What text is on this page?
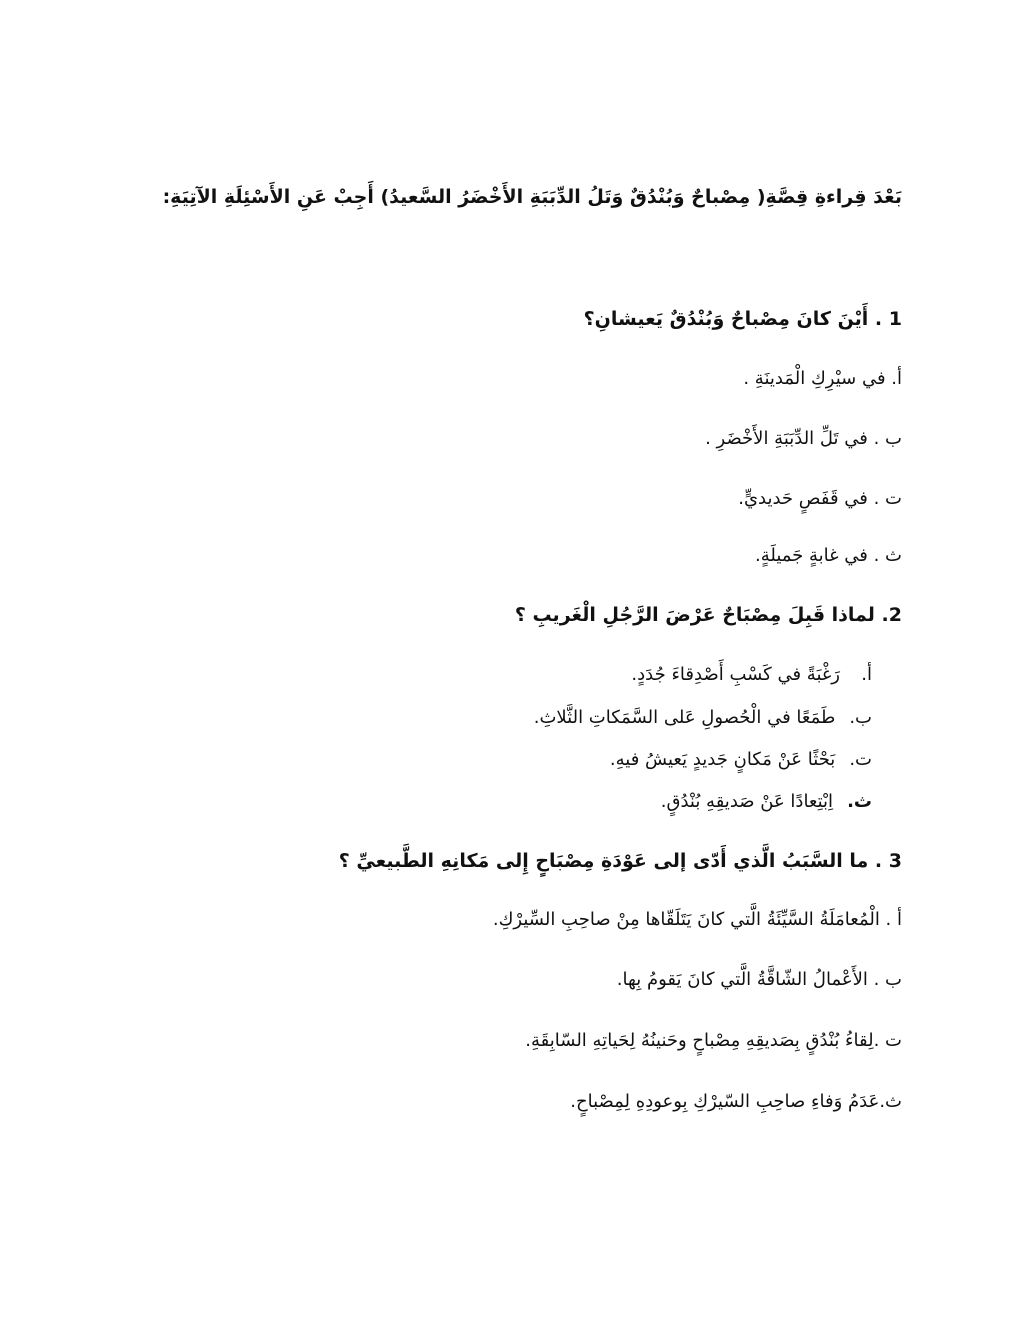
بَعْدَ قِراءةِ قِصَّةِ( مِصْباحٌ وَبُنْدُقٌ وَتَلُ الدِّبَبَةِ الأَخْضَرُ السَّعيدُ) أَجِبْ عَنِ الأَسْئِلَةِ الآتِيَةِ:
1 . أَيْنَ كانَ مِصْباحٌ وَبُنْدُقٌ يَعيشانِ؟
أ. في سيْرِكِ الْمَدينَةِ .
ب . في تَلِّ الدِّبَبَةِ الأَخْضَرِ .
ت . في قَفَصٍ حَديديٍّ.
ث . في غابةٍ جَميلَةٍ.
2. لماذا قَبِلَ مِصْبَاحٌ عَرْضَ الرَّجُلِ الْغَريبِ ؟
أ.
رَغْبَةً في كَسْبِ أَصْدِقاءَ جُدَدٍ.
ب.
طَمَعًا في الْحُصولِ عَلى السَّمَكاتِ الثَّلاثِ.
ت.
بَحْثًا عَنْ مَكانٍ جَديدٍ يَعيشُ فيهِ.
ث.
اِبْتِعادًا عَنْ صَديقِهِ بُنْدُقٍ.
3 . ما السَّبَبُ الَّذي أَدّى إلى عَوْدَةِ مِصْبَاحٍ إِلى مَكانِهِ الطَّبيعيِّ ؟
أ . الْمُعامَلَةُ السَّيِّئَةُ الَّتي كانَ يَتَلَقّاها مِنْ صاحِبِ السِّيرْكِ.
ب . الأَعْمالُ الشّاقَّةُ الَّتي كانَ يَقومُ بِها.
ت .لِقاءُ بُنْدُقٍ بِصَديقِهِ مِصْباحٍ وحَنينُهُ لِحَياتِهِ السّابِقَةِ.
ث.عَدَمُ وَفاءِ صاحِبِ السّيرْكِ بِوعودِهِ لِمِصْباحٍ.
